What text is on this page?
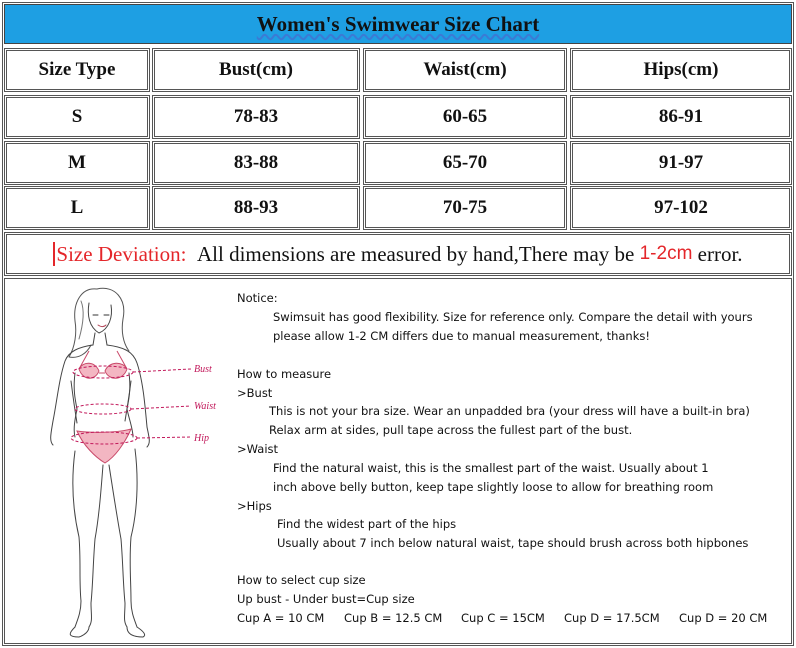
Women's Swimwear Size Chart
Size Type	Bust(cm)	Waist(cm)	Hips(cm)
S	78-83	60-65	86-91
M	83-88	65-70	91-97
L	88-93	70-75	97-102
Size Deviation:
All dimensions are measured by hand,There may be
1-2cm
error.
Bust
Waist
Hip
Notice:
Swimsuit has good flexibility. Size for reference only. Compare the detail with yours
please allow 1-2 CM differs due to manual measurement, thanks!
How to measure
>Bust
This is not your bra size. Wear an unpadded bra (your dress will have a built-in bra)
Relax arm at sides, pull tape across the fullest part of the bust.
>Waist
Find the natural waist, this is the smallest part of the waist. Usually about 1
inch above belly button, keep tape slightly loose to allow for breathing room
>Hips
Find the widest part of the hips
Usually about 7 inch below natural waist, tape should brush across both hipbones
How to select cup size
Up bust - Under bust=Cup size
Cup A = 10 CM Cup B = 12.5 CM Cup C = 15CM Cup D = 17.5CM Cup D = 20 CM
